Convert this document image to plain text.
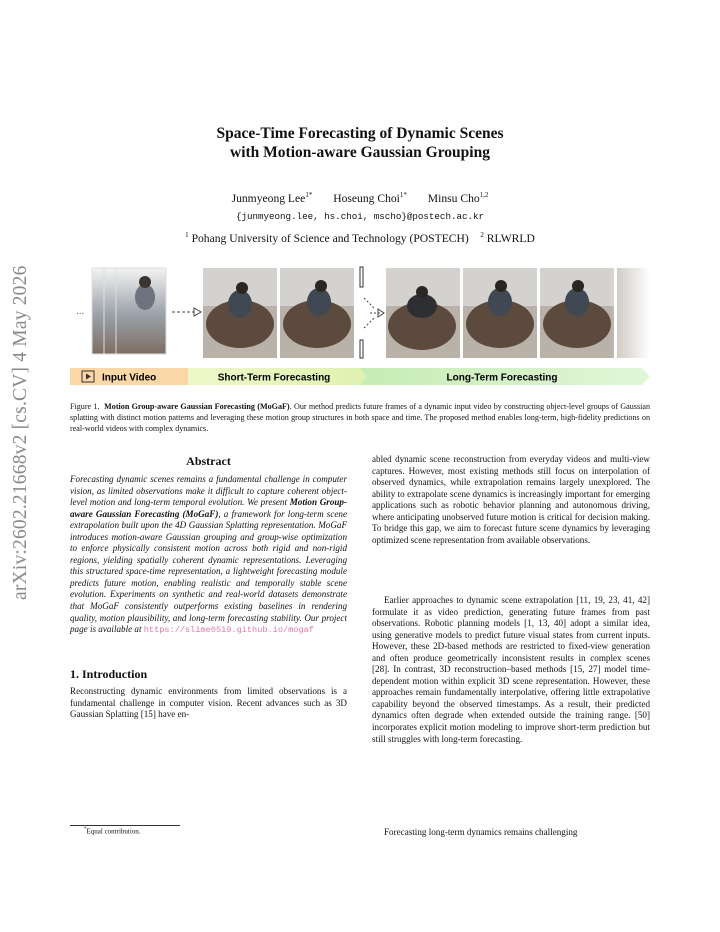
arXiv:2602.21668v2 [cs.CV] 4 May 2026
Space-Time Forecasting of Dynamic Scenes
with Motion-aware Gaussian Grouping
Junmyeong Lee$^{1*}$ Hoseung Choi$^{1*}$ Minsu Cho$^{1,2}$
{junmyeong.lee, hs.choi, mscho}@postech.ac.kr
$^1$ Pohang University of Science and Technology (POSTECH) $^2$ RLWRLD
...
Input Video	Short-Term Forecasting	Long-Term Forecasting
Figure 1. Motion Group-aware Gaussian Forecasting (MoGaF). Our method predicts future frames of a dynamic input video by constructing object-level groups of Gaussian splatting with distinct motion patterns and leveraging these motion group structures in both space and time. The proposed method enables long-term, high-fidelity predictions on real-world videos with complex dynamics.
Abstract
Forecasting dynamic scenes remains a fundamental challenge in computer vision, as limited observations make it difficult to capture coherent object-level motion and long-term temporal evolution. We present Motion Group-aware Gaussian Forecasting (MoGaF), a framework for long-term scene extrapolation built upon the 4D Gaussian Splatting representation. MoGaF introduces motion-aware Gaussian grouping and group-wise optimization to enforce physically consistent motion across both rigid and non-rigid regions, yielding spatially coherent dynamic representations. Leveraging this structured space-time representation, a lightweight forecasting module predicts future motion, enabling realistic and temporally stable scene evolution. Experiments on synthetic and real-world datasets demonstrate that MoGaF consistently outperforms existing baselines in rendering quality, motion plausibility, and long-term forecasting stability. Our project page is available at https://slime0519.github.io/mogaf
1. Introduction
Reconstructing dynamic environments from limited observations is a fundamental challenge in computer vision. Recent advances such as 3D Gaussian Splatting [15] have en-
*Equal contribution.
abled dynamic scene reconstruction from everyday videos and multi-view captures. However, most existing methods still focus on interpolation of observed dynamics, while extrapolation remains largely unexplored. The ability to extrapolate scene dynamics is increasingly important for emerging applications such as robotic behavior planning and autonomous driving, where anticipating unobserved future motion is critical for decision making. To bridge this gap, we aim to forecast future scene dynamics by leveraging optimized scene representation from available observations.
Earlier approaches to dynamic scene extrapolation [11, 19, 23, 41, 42] formulate it as video prediction, generating future frames from past observations. Robotic planning models [1, 13, 40] adopt a similar idea, using generative models to predict future visual states from current inputs. However, these 2D-based methods are restricted to fixed-view generation and often produce geometrically inconsistent results in complex scenes [28]. In contrast, 3D reconstruction–based methods [15, 27] model time-dependent motion within explicit 3D scene representation. However, these approaches remain fundamentally interpolative, offering little extrapolative capability beyond the observed timestamps. As a result, their predicted dynamics often degrade when extended outside the training range. [50] incorporates explicit motion modeling to improve short-term prediction but still struggles with long-term forecasting.
Forecasting long-term dynamics remains challenging
